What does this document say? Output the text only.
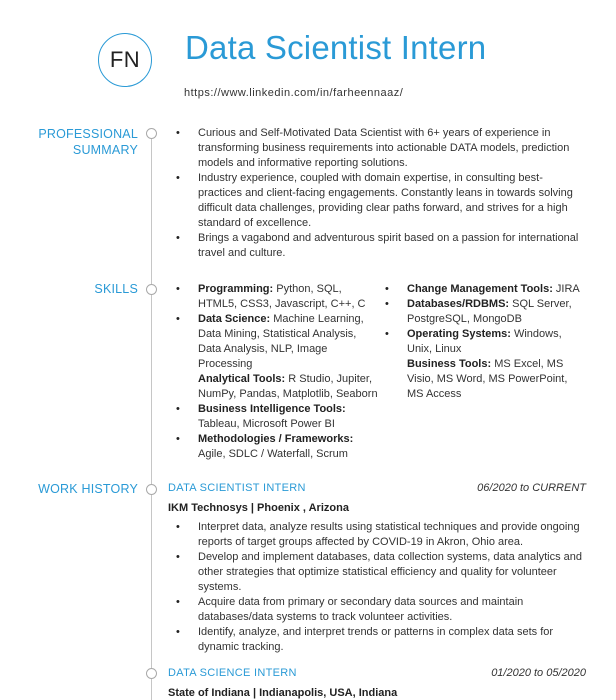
FN Data Scientist Intern
https://www.linkedin.com/in/farheennaaz/
PROFESSIONAL SUMMARY
SKILLS
WORK HISTORY
• Curious and Self-Motivated Data Scientist with 6+ years of experience in transforming business requirements into actionable DATA models, prediction models and informative reporting solutions.
• Industry experience, coupled with domain expertise, in consulting best-practices and client-facing engagements. Constantly leans in towards solving difficult data challenges, providing clear paths forward, and strives for a high standard of excellence.
• Brings a vagabond and adventurous spirit based on a passion for international travel and culture.
• Programming: Python, SQL, HTML5, CSS3, Javascript, C++, C
• Data Science: Machine Learning, Data Mining, Statistical Analysis, Data Analysis, NLP, Image Processing
Analytical Tools: R Studio, Jupiter, NumPy, Pandas, Matplotlib, Seaborn
• Business Intelligence Tools: Tableau, Microsoft Power BI
• Methodologies / Frameworks: Agile, SDLC / Waterfall, Scrum
• Change Management Tools: JIRA
• Databases/RDBMS: SQL Server, PostgreSQL, MongoDB
• Operating Systems: Windows, Unix, Linux
Business Tools: MS Excel, MS Visio, MS Word, MS PowerPoint, MS Access
DATA SCIENTIST INTERN	06/2020 to CURRENT
IKM Technosys | Phoenix , Arizona
• Interpret data, analyze results using statistical techniques and provide ongoing reports of target groups affected by COVID-19 in Akron, Ohio area.
• Develop and implement databases, data collection systems, data analytics and other strategies that optimize statistical efficiency and quality for volunteer systems.
• Acquire data from primary or secondary data sources and maintain databases/data systems to track volunteer activities.
• Identify, analyze, and interpret trends or patterns in complex data sets for dynamic tracking.
DATA SCIENCE INTERN	01/2020 to 05/2020
State of Indiana | Indianapolis, USA, Indiana
